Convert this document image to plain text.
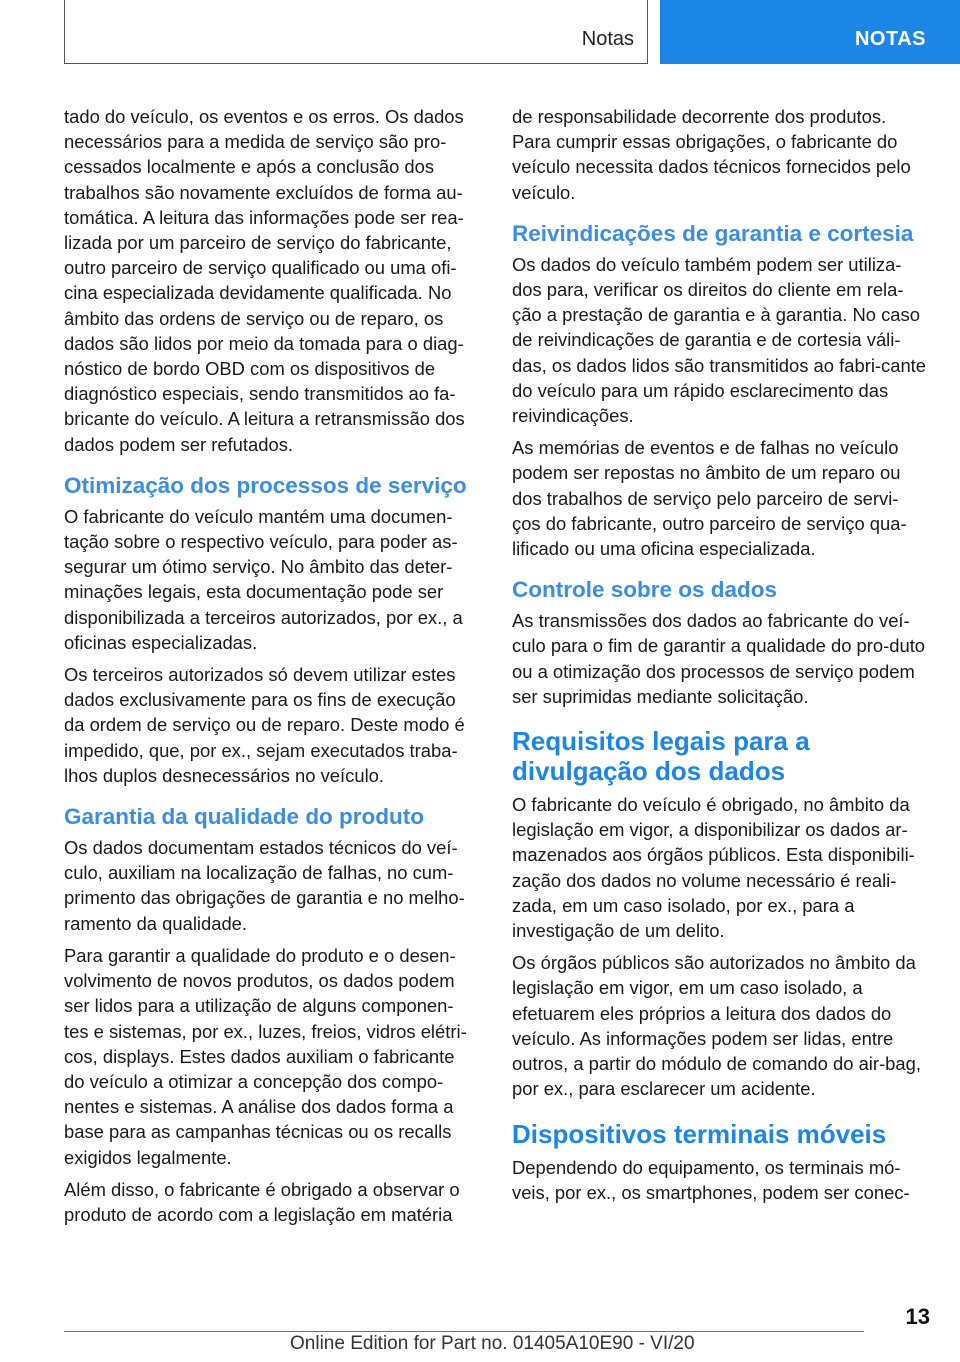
Notas	NOTAS

tado do veículo, os eventos e os erros. Os dados necessários para a medida de serviço são pro-cessados localmente e após a conclusão dos trabalhos são novamente excluídos de forma au-tomática. A leitura das informações pode ser rea-lizada por um parceiro de serviço do fabricante, outro parceiro de serviço qualificado ou uma ofi-cina especializada devidamente qualificada. No âmbito das ordens de serviço ou de reparo, os dados são lidos por meio da tomada para o diag-nóstico de bordo OBD com os dispositivos de diagnóstico especiais, sendo transmitidos ao fa-bricante do veículo. A leitura a retransmissão dos dados podem ser refutados.

Otimização dos processos de serviço

O fabricante do veículo mantém uma documen-tação sobre o respectivo veículo, para poder as-segurar um ótimo serviço. No âmbito das deter-minações legais, esta documentação pode ser disponibilizada a terceiros autorizados, por ex., a oficinas especializadas.

Os terceiros autorizados só devem utilizar estes dados exclusivamente para os fins de execução da ordem de serviço ou de reparo. Deste modo é impedido, que, por ex., sejam executados traba-lhos duplos desnecessários no veículo.

Garantia da qualidade do produto

Os dados documentam estados técnicos do veí-culo, auxiliam na localização de falhas, no cum-primento das obrigações de garantia e no melho-ramento da qualidade.

Para garantir a qualidade do produto e o desen-volvimento de novos produtos, os dados podem ser lidos para a utilização de alguns componen-tes e sistemas, por ex., luzes, freios, vidros elétri-cos, displays. Estes dados auxiliam o fabricante do veículo a otimizar a concepção dos compo-nentes e sistemas. A análise dos dados forma a base para as campanhas técnicas ou os recalls exigidos legalmente.

Além disso, o fabricante é obrigado a observar o produto de acordo com a legislação em matéria

de responsabilidade decorrente dos produtos. Para cumprir essas obrigações, o fabricante do veículo necessita dados técnicos fornecidos pelo veículo.

Reivindicações de garantia e cortesia

Os dados do veículo também podem ser utiliza-dos para, verificar os direitos do cliente em rela-ção a prestação de garantia e à garantia. No caso de reivindicações de garantia e de cortesia váli-das, os dados lidos são transmitidos ao fabri-cante do veículo para um rápido esclarecimento das reivindicações.

As memórias de eventos e de falhas no veículo podem ser repostas no âmbito de um reparo ou dos trabalhos de serviço pelo parceiro de servi-ços do fabricante, outro parceiro de serviço qua-lificado ou uma oficina especializada.

Controle sobre os dados

As transmissões dos dados ao fabricante do veí-culo para o fim de garantir a qualidade do pro-duto ou a otimização dos processos de serviço podem ser suprimidas mediante solicitação.

Requisitos legais para a divulgação dos dados

O fabricante do veículo é obrigado, no âmbito da legislação em vigor, a disponibilizar os dados ar-mazenados aos órgãos públicos. Esta disponibili-zação dos dados no volume necessário é reali-zada, em um caso isolado, por ex., para a investigação de um delito.

Os órgãos públicos são autorizados no âmbito da legislação em vigor, em um caso isolado, a efetuarem eles próprios a leitura dos dados do veículo. As informações podem ser lidas, entre outros, a partir do módulo de comando do air-bag, por ex., para esclarecer um acidente.

Dispositivos terminais móveis

Dependendo do equipamento, os terminais mó-veis, por ex., os smartphones, podem ser conec-

13
Online Edition for Part no. 01405A10E90 - VI/20
